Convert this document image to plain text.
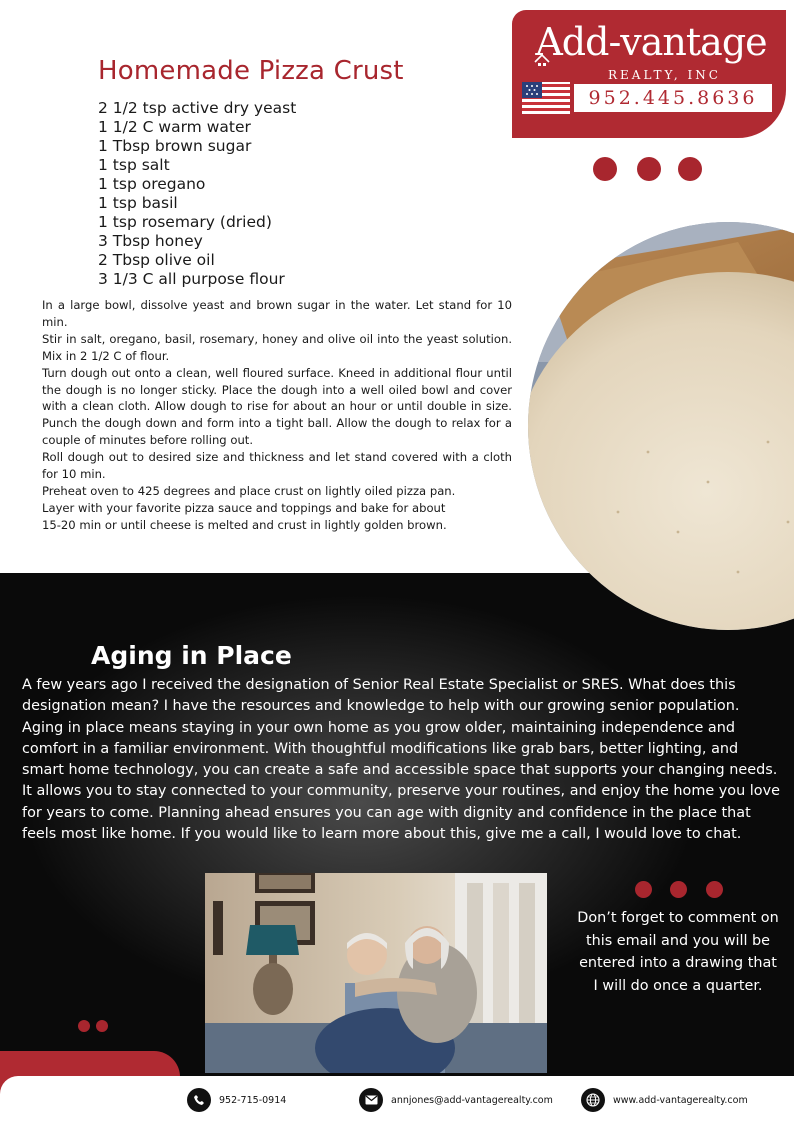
Homemade Pizza Crust
2 1/2 tsp active dry yeast
1 1/2 C warm water
1 Tbsp brown sugar
1 tsp salt
1 tsp oregano
1 tsp basil
1 tsp rosemary (dried)
3 Tbsp honey
2 Tbsp olive oil
3 1/3 C all purpose flour

In a large bowl, dissolve yeast and brown sugar in the water. Let stand for 10 min.

Stir in salt, oregano, basil, rosemary, honey and olive oil into the yeast solution. Mix in 2 1/2 C of flour.

Turn dough out onto a clean, well floured surface. Kneed in additional flour until the dough is no longer sticky. Place the dough into a well oiled bowl and cover with a clean cloth. Allow dough to rise for about an hour or until double in size. Punch the dough down and form into a tight ball. Allow the dough to relax for a couple of minutes before rolling out.

Roll dough out to desired size and thickness and let stand covered with a cloth for 10 min.

Preheat oven to 425 degrees and place crust on lightly oiled pizza pan.

Layer with your favorite pizza sauce and toppings and bake for about

15-20 min or until cheese is melted and crust in lightly golden brown.

Add-vantage
REALTY, INC
952.445.8636
Aging in Place

A few years ago I received the designation of Senior Real Estate Specialist or SRES. What does this designation mean? I have the resources and knowledge to help with our growing senior population. Aging in place means staying in your own home as you grow older, maintaining independence and comfort in a familiar environment. With thoughtful modifications like grab bars, better lighting, and smart home technology, you can create a safe and accessible space that supports your changing needs. It allows you to stay connected to your community, preserve your routines, and enjoy the home you love for years to come. Planning ahead ensures you can age with dignity and confidence in the place that feels most like home. If you would like to learn more about this, give me a call, I would love to chat.

Don’t forget to comment on this email and you will be entered into a drawing that I will do once a quarter.

952-715-0914	annjones@add-vantagerealty.com	www.add-vantagerealty.com
